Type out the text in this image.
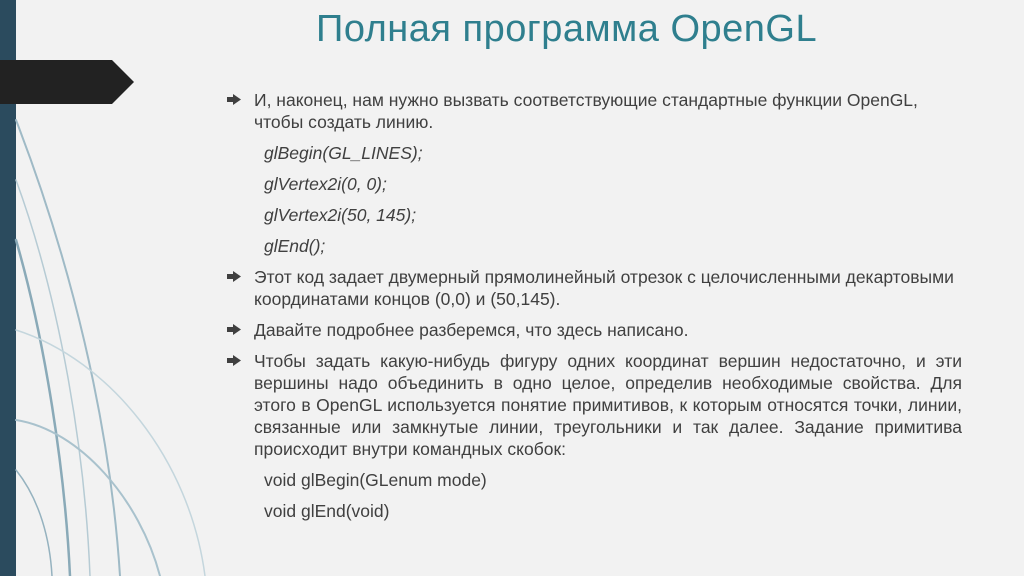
Полная программа OpenGL
И, наконец, нам нужно вызвать соответствующие стандартные функции OpenGL, чтобы создать линию.
glBegin(GL_LINES);
glVertex2i(0, 0);
glVertex2i(50, 145);
glEnd();
Этот код задает двумерный прямолинейный отрезок с целочисленными декартовыми координатами концов (0,0) и (50,145).
Давайте подробнее разберемся, что здесь написано.
Чтобы задать какую-нибудь фигуру одних координат вершин недостаточно, и эти вершины надо объединить в одно целое, определив необходимые свойства. Для этого в OpenGL используется понятие примитивов, к которым относятся точки, линии, связанные или замкнутые линии, треугольники и так далее. Задание примитива происходит внутри командных скобок:
void glBegin(GLenum mode)
void glEnd(void)
